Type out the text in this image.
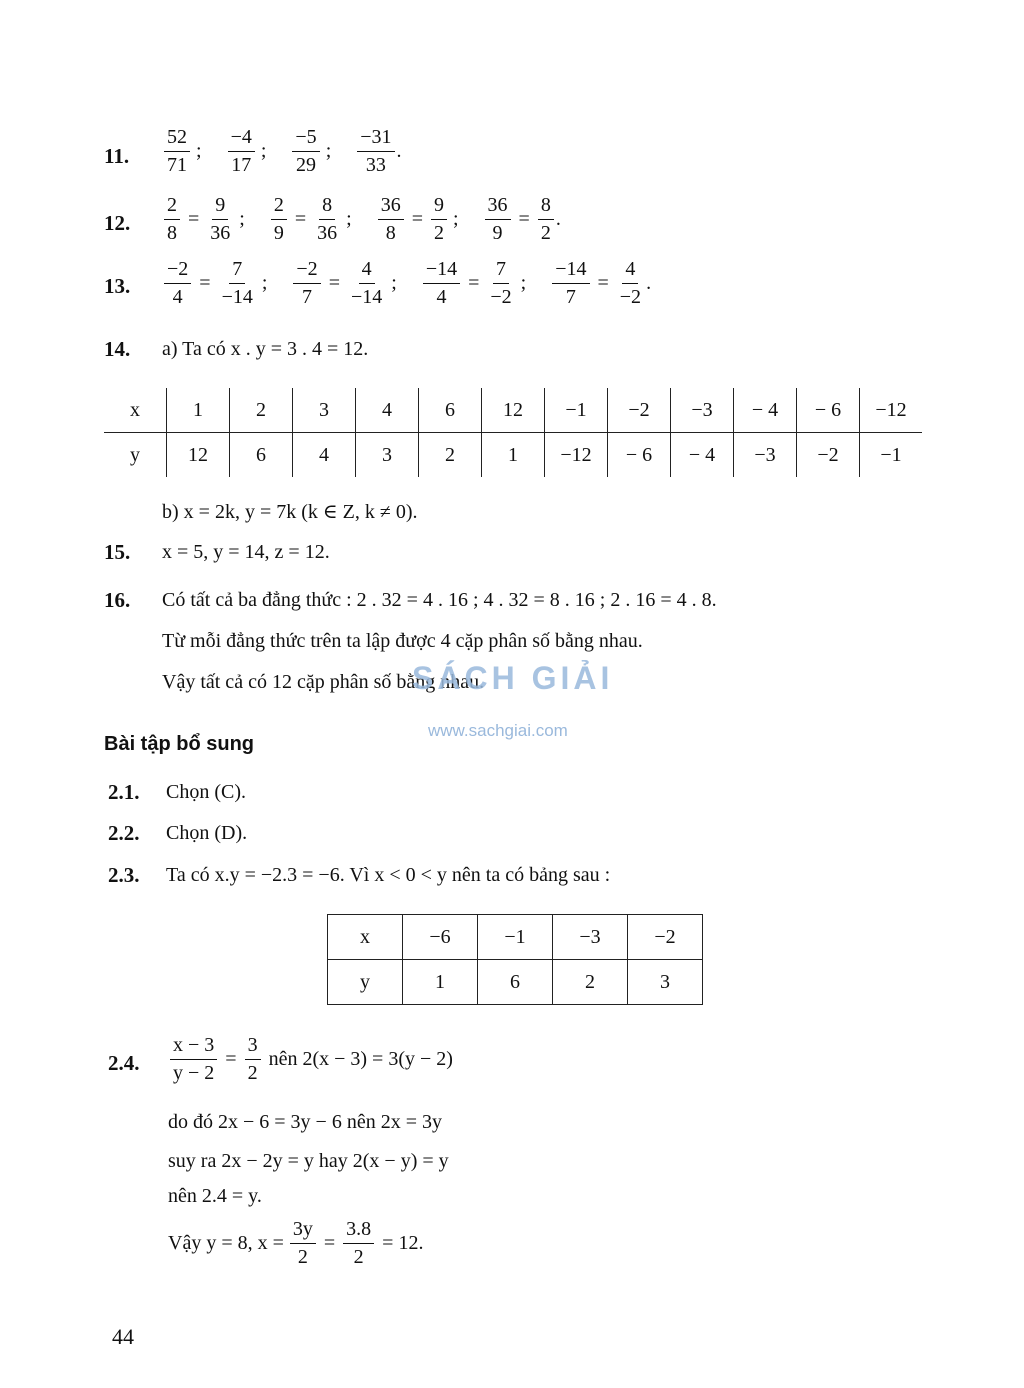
11. $\frac{52}{71}$ ; $\frac{-4}{17}$ ; $\frac{-5}{29}$ ; $\frac{-31}{33}$ .
12. $\frac{2}{8} = \frac{9}{36}$ ; $\frac{2}{9} = \frac{8}{36}$ ; $\frac{36}{8} = \frac{9}{2}$ ; $\frac{36}{9} = \frac{8}{2}$ .
13. $\frac{-2}{4} = \frac{7}{-14}$ ; $\frac{-2}{7} = \frac{4}{-14}$ ; $\frac{-14}{4} = \frac{7}{-2}$ ; $\frac{-14}{7} = \frac{4}{-2}$ .
14. a) Ta có x . y = 3 . 4 = 12.
x	1	2	3	4	6	12	−1	−2	−3	− 4	− 6	−12
y	12	6	4	3	2	1	−12	− 6	− 4	−3	−2	−1
b) x = 2k, y = 7k (k ∈ Z, k ≠ 0).
15. x = 5, y = 14, z = 12.
16. Có tất cả ba đẳng thức : 2 . 32 = 4 . 16 ; 4 . 32 = 8 . 16 ; 2 . 16 = 4 . 8.
Từ mỗi đẳng thức trên ta lập được 4 cặp phân số bằng nhau.
Vậy tất cả có 12 cặp phân số bằng nhau.
SÁCH GIẢI
www.sachgiai.com
Bài tập bổ sung
2.1. Chọn (C).
2.2. Chọn (D).
2.3. Ta có x.y = −2.3 = −6. Vì x < 0 < y nên ta có bảng sau :
x	−6	−1	−3	−2
y	1	6	2	3
2.4. $\frac{x - 3}{y - 2} = \frac{3}{2}$ nên 2(x − 3) = 3(y − 2)
do đó 2x − 6 = 3y − 6 nên 2x = 3y
suy ra 2x − 2y = y hay 2(x − y) = y
nên 2.4 = y.
Vậy y = 8, $x = \frac{3y}{2} = \frac{3.8}{2} = 12$.
44
